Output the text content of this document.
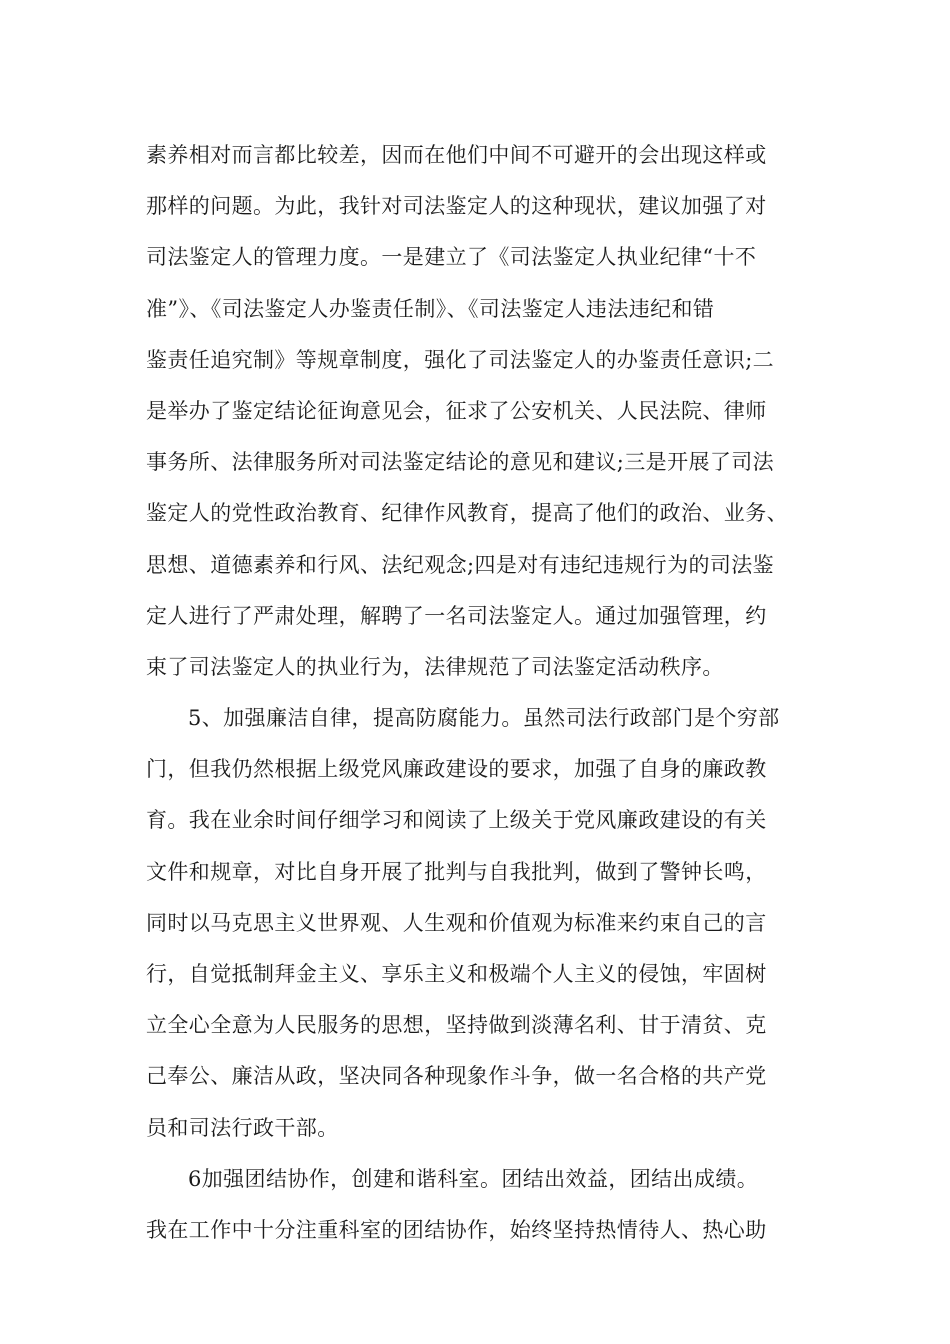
素养相对而言都比较差，因而在他们中间不可避开的会出现这样或
那样的问题。为此，我针对司法鉴定人的这种现状，建议加强了对
司法鉴定人的管理力度。一是建立了《司法鉴定人执业纪律“十不
准”》、《司法鉴定人办鉴责任制》、《司法鉴定人违法违纪和错
鉴责任追究制》等规章制度，强化了司法鉴定人的办鉴责任意识;二
是举办了鉴定结论征询意见会，征求了公安机关、人民法院、律师
事务所、法律服务所对司法鉴定结论的意见和建议;三是开展了司法
鉴定人的党性政治教育、纪律作风教育，提高了他们的政治、业务、
思想、道德素养和行风、法纪观念;四是对有违纪违规行为的司法鉴
定人进行了严肃处理，解聘了一名司法鉴定人。通过加强管理，约
束了司法鉴定人的执业行为，法律规范了司法鉴定活动秩序。
5、加强廉洁自律，提高防腐能力。虽然司法行政部门是个穷部
门，但我仍然根据上级党风廉政建设的要求，加强了自身的廉政教
育。我在业余时间仔细学习和阅读了上级关于党风廉政建设的有关
文件和规章，对比自身开展了批判与自我批判，做到了警钟长鸣，
同时以马克思主义世界观、人生观和价值观为标准来约束自己的言
行，自觉抵制拜金主义、享乐主义和极端个人主义的侵蚀，牢固树
立全心全意为人民服务的思想，坚持做到淡薄名利、甘于清贫、克
己奉公、廉洁从政，坚决同各种现象作斗争，做一名合格的共产党
员和司法行政干部。
6加强团结协作，创建和谐科室。团结出效益，团结出成绩。
我在工作中十分注重科室的团结协作，始终坚持热情待人、热心助
